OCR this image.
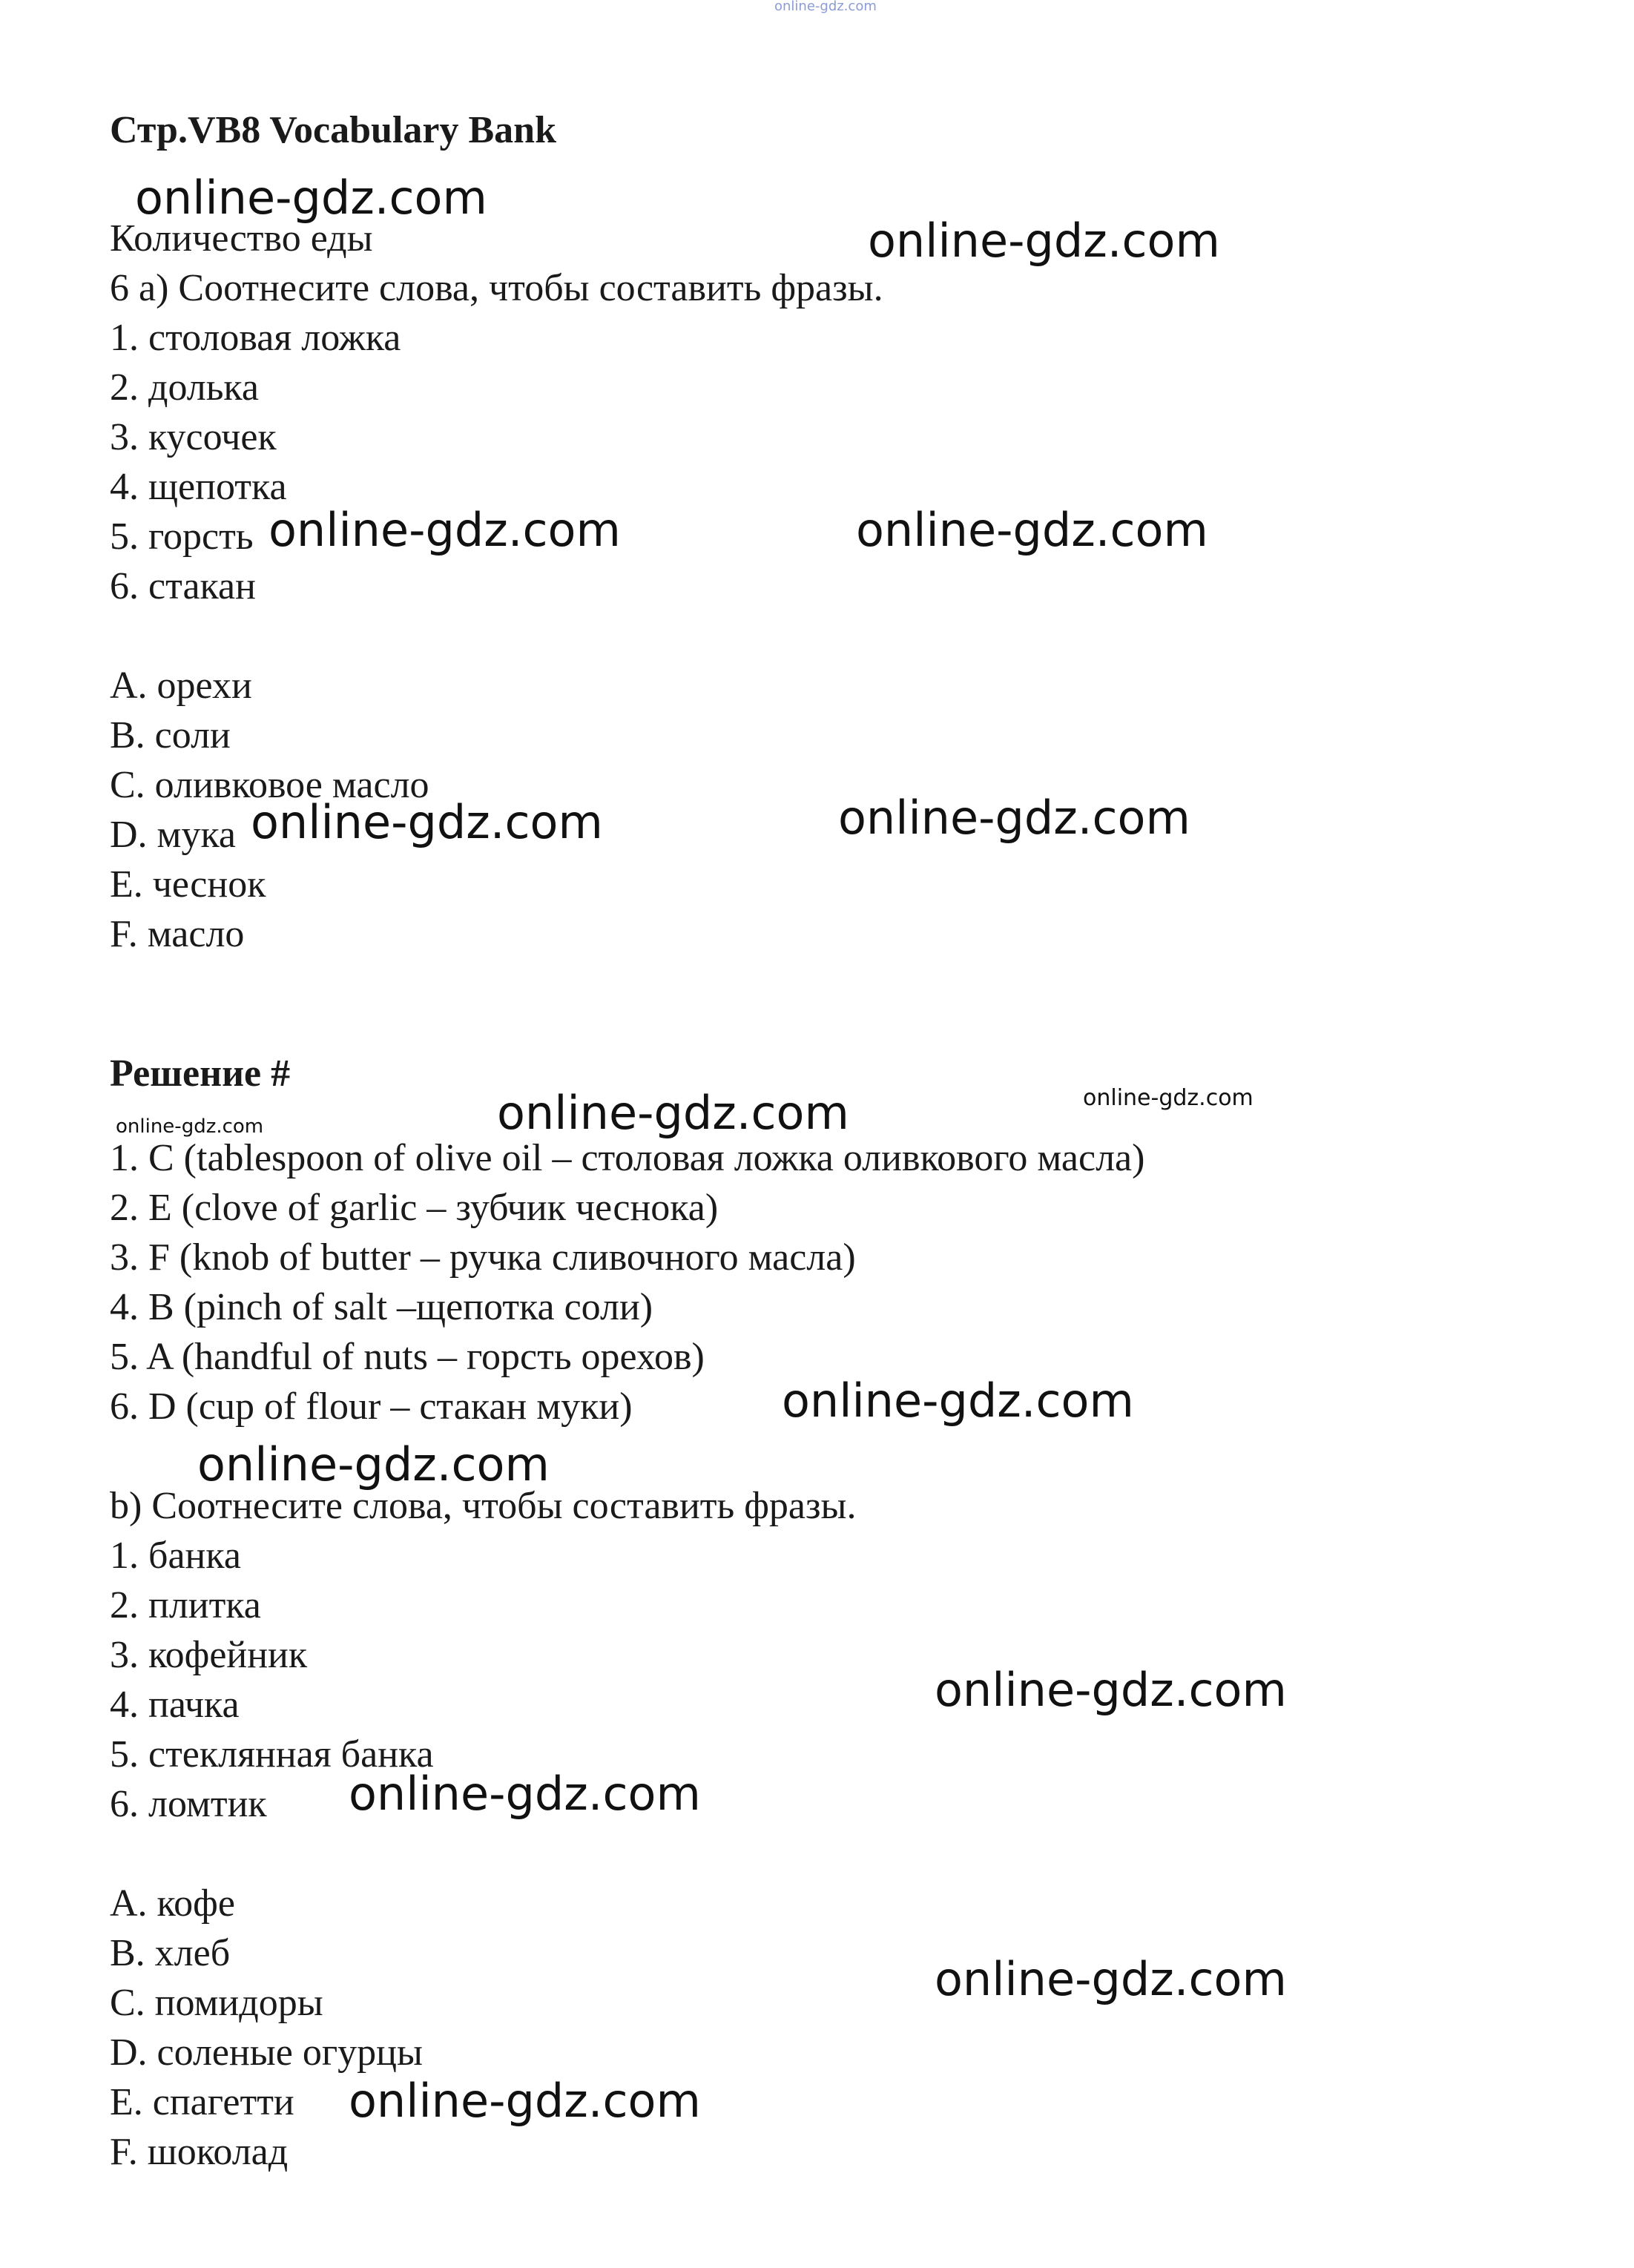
online-gdz.com
Стр.VB8 Vocabulary Bank
Количество еды
6 a) Соотнесите слова, чтобы составить фразы.
1. столовая ложка
2. долька
3. кусочек
4. щепотка
5. горсть
6. стакан
A. орехи
B. соли
C. оливковое масло
D. мука
E. чеснок
F. масло
Решение #
1. C (tablespoon of olive oil – столовая ложка оливкового масла)
2. E (clove of garlic – зубчик чеснока)
3. F (knob of butter – ручка сливочного масла)
4. B (pinch of salt –щепотка соли)
5. A (handful of nuts – горсть орехов)
6. D (cup of flour – стакан муки)
b) Соотнесите слова, чтобы составить фразы.
1. банка
2. плитка
3. кофейник
4. пачка
5. стеклянная банка
6. ломтик
A. кофе
B. хлеб
C. помидоры
D. соленые огурцы
E. спагетти
F. шоколад
online-gdz.com
online-gdz.com
online-gdz.com	online-gdz.com
online-gdz.com	online-gdz.com
online-gdz.com	online-gdz.com
online-gdz.com
online-gdz.com
online-gdz.com
online-gdz.com
online-gdz.com
online-gdz.com
online-gdz.com
